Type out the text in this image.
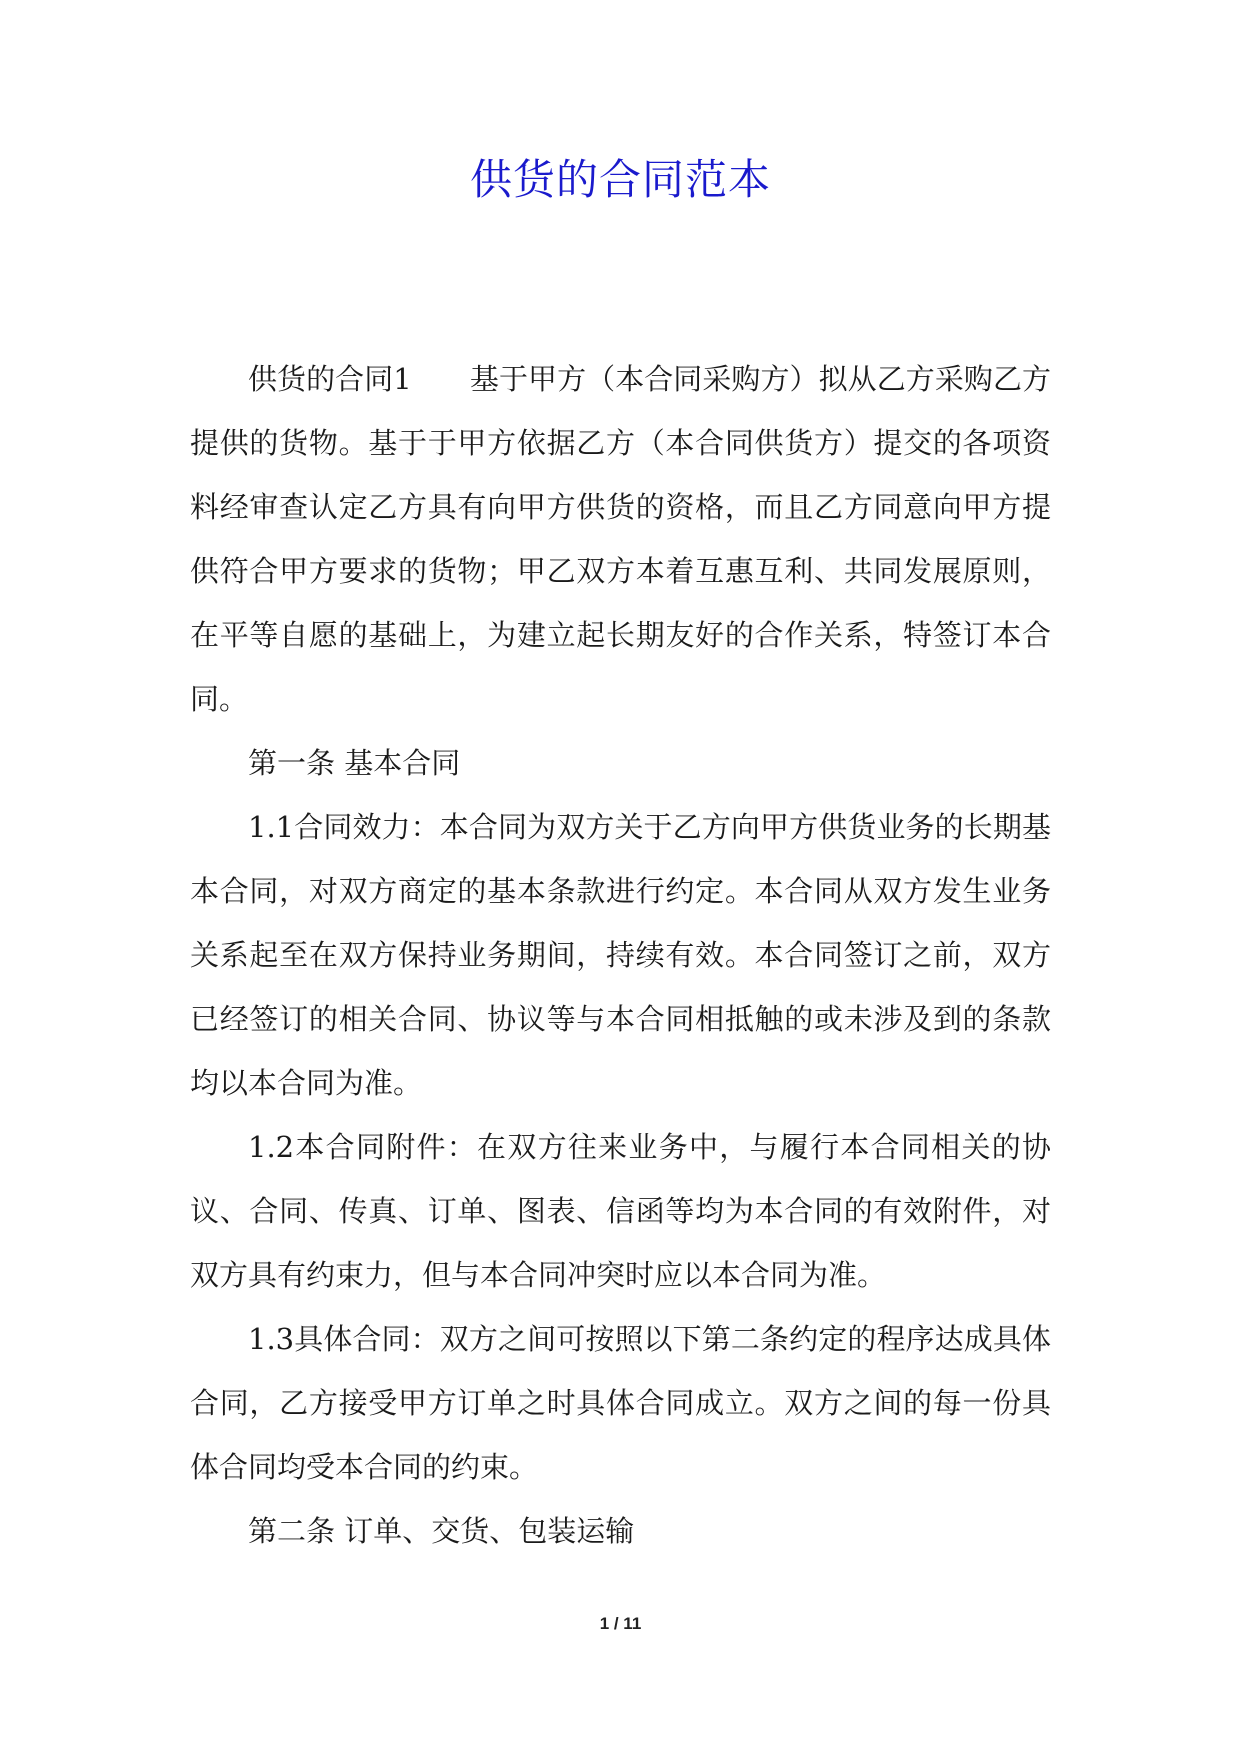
供货的合同范本

供货的合同1　　基于甲方（本合同采购方）拟从乙方采购乙方提供的货物。基于于甲方依据乙方（本合同供货方）提交的各项资料经审查认定乙方具有向甲方供货的资格，而且乙方同意向甲方提供符合甲方要求的货物；甲乙双方本着互惠互利、共同发展原则，在平等自愿的基础上，为建立起长期友好的合作关系，特签订本合同。

第一条 基本合同

1.1合同效力：本合同为双方关于乙方向甲方供货业务的长期基本合同，对双方商定的基本条款进行约定。本合同从双方发生业务关系起至在双方保持业务期间，持续有效。本合同签订之前，双方已经签订的相关合同、协议等与本合同相抵触的或未涉及到的条款均以本合同为准。

1.2本合同附件：在双方往来业务中，与履行本合同相关的协议、合同、传真、订单、图表、信函等均为本合同的有效附件，对双方具有约束力，但与本合同冲突时应以本合同为准。

1.3具体合同：双方之间可按照以下第二条约定的程序达成具体合同，乙方接受甲方订单之时具体合同成立。双方之间的每一份具体合同均受本合同的约束。

第二条 订单、交货、包装运输

1 / 11
